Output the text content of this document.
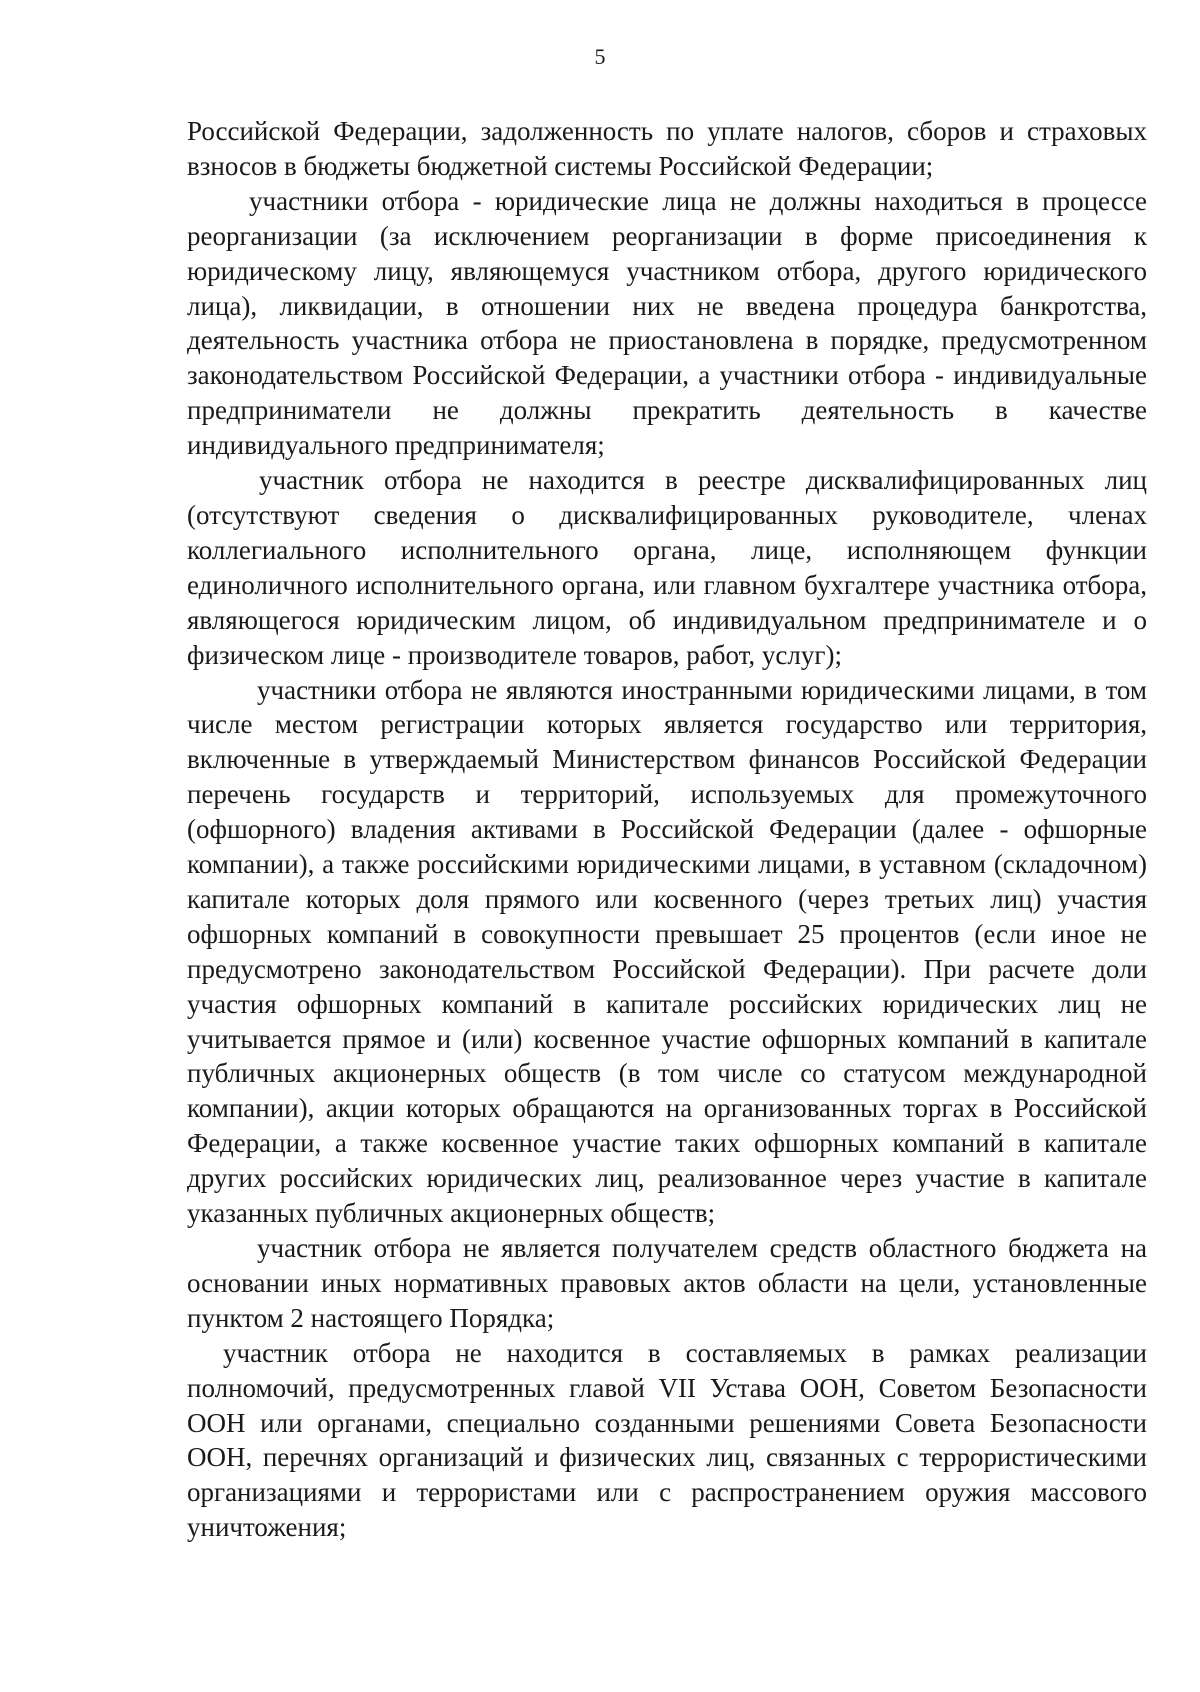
5

Российской Федерации, задолженность по уплате налогов, сборов и страховых взносов в бюджеты бюджетной системы Российской Федерации;

участники отбора - юридические лица не должны находиться в процессе реорганизации (за исключением реорганизации в форме присоединения к юридическому лицу, являющемуся участником отбора, другого юридического лица), ликвидации, в отношении них не введена процедура банкротства, деятельность участника отбора не приостановлена в порядке, предусмотренном законодательством Российской Федерации, а участники отбора - индивидуальные предприниматели не должны прекратить деятельность в качестве индивидуального предпринимателя;

участник отбора не находится в реестре дисквалифицированных лиц (отсутствуют сведения о дисквалифицированных руководителе, членах коллегиального исполнительного органа, лице, исполняющем функции единоличного исполнительного органа, или главном бухгалтере участника отбора, являющегося юридическим лицом, об индивидуальном предпринимателе и о физическом лице - производителе товаров, работ, услуг);

участники отбора не являются иностранными юридическими лицами, в том числе местом регистрации которых является государство или территория, включенные в утверждаемый Министерством финансов Российской Федерации перечень государств и территорий, используемых для промежуточного (офшорного) владения активами в Российской Федерации (далее - офшорные компании), а также российскими юридическими лицами, в уставном (складочном) капитале которых доля прямого или косвенного (через третьих лиц) участия офшорных компаний в совокупности превышает 25 процентов (если иное не предусмотрено законодательством Российской Федерации). При расчете доли участия офшорных компаний в капитале российских юридических лиц не учитывается прямое и (или) косвенное участие офшорных компаний в капитале публичных акционерных обществ (в том числе со статусом международной компании), акции которых обращаются на организованных торгах в Российской Федерации, а также косвенное участие таких офшорных компаний в капитале других российских юридических лиц, реализованное через участие в капитале указанных публичных акционерных обществ;

участник отбора не является получателем средств областного бюджета на основании иных нормативных правовых актов области на цели, установленные пунктом 2 настоящего Порядка;

участник отбора не находится в составляемых в рамках реализации полномочий, предусмотренных главой VII Устава ООН, Советом Безопасности ООН или органами, специально созданными решениями Совета Безопасности ООН, перечнях организаций и физических лиц, связанных с террористическими организациями и террористами или с распространением оружия массового уничтожения;
